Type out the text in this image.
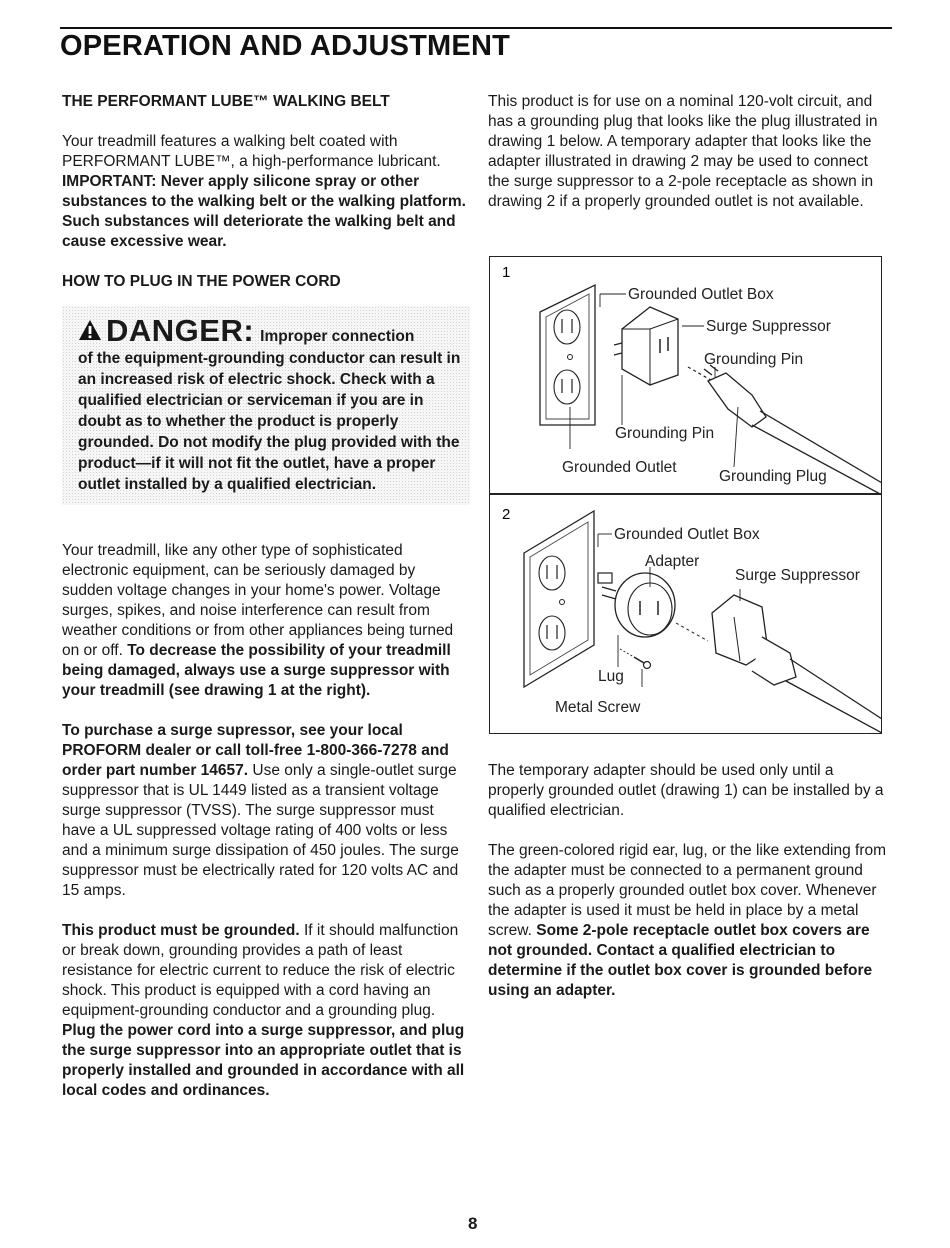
OPERATION AND ADJUSTMENT

THE PERFORMANT LUBE™ WALKING BELT

Your treadmill features a walking belt coated with PERFORMANT LUBE™, a high-performance lubricant. IMPORTANT: Never apply silicone spray or other substances to the walking belt or the walking platform. Such substances will deteriorate the walking belt and cause excessive wear.

HOW TO PLUG IN THE POWER CORD

DANGER: Improper connection
of the equipment-grounding conductor can result in an increased risk of electric shock. Check with a qualified electrician or serviceman if you are in doubt as to whether the product is properly grounded. Do not modify the plug provided with the product—if it will not fit the outlet, have a proper outlet installed by a qualified electrician.

Your treadmill, like any other type of sophisticated electronic equipment, can be seriously damaged by sudden voltage changes in your home's power. Voltage surges, spikes, and noise interference can result from weather conditions or from other appliances being turned on or off. To decrease the possibility of your treadmill being damaged, always use a surge suppressor with your treadmill (see drawing 1 at the right).

To purchase a surge supressor, see your local PROFORM dealer or call toll-free 1-800-366-7278 and order part number 14657. Use only a single-outlet surge suppressor that is UL 1449 listed as a transient voltage surge suppressor (TVSS). The surge suppressor must have a UL suppressed voltage rating of 400 volts or less and a minimum surge dissipation of 450 joules. The surge suppressor must be electrically rated for 120 volts AC and 15 amps.

This product must be grounded. If it should malfunction or break down, grounding provides a path of least resistance for electric current to reduce the risk of electric shock. This product is equipped with a cord having an equipment-grounding conductor and a grounding plug. Plug the power cord into a surge suppressor, and plug the surge suppressor into an appropriate outlet that is properly installed and grounded in accordance with all local codes and ordinances.

This product is for use on a nominal 120-volt circuit, and has a grounding plug that looks like the plug illustrated in drawing 1 below. A temporary adapter that looks like the adapter illustrated in drawing 2 may be used to connect the surge suppressor to a 2-pole receptacle as shown in drawing 2 if a properly grounded outlet is not available.

1
Grounded Outlet Box
Surge Suppressor
Grounding Pin
Grounding Pin
Grounded Outlet
Grounding Plug
2
Grounded Outlet Box
Adapter
Surge Suppressor
Lug
Metal Screw

The temporary adapter should be used only until a properly grounded outlet (drawing 1) can be installed by a qualified electrician.

The green-colored rigid ear, lug, or the like extending from the adapter must be connected to a permanent ground such as a properly grounded outlet box cover. Whenever the adapter is used it must be held in place by a metal screw. Some 2-pole receptacle outlet box covers are not grounded. Contact a qualified electrician to determine if the outlet box cover is grounded before using an adapter.

8
